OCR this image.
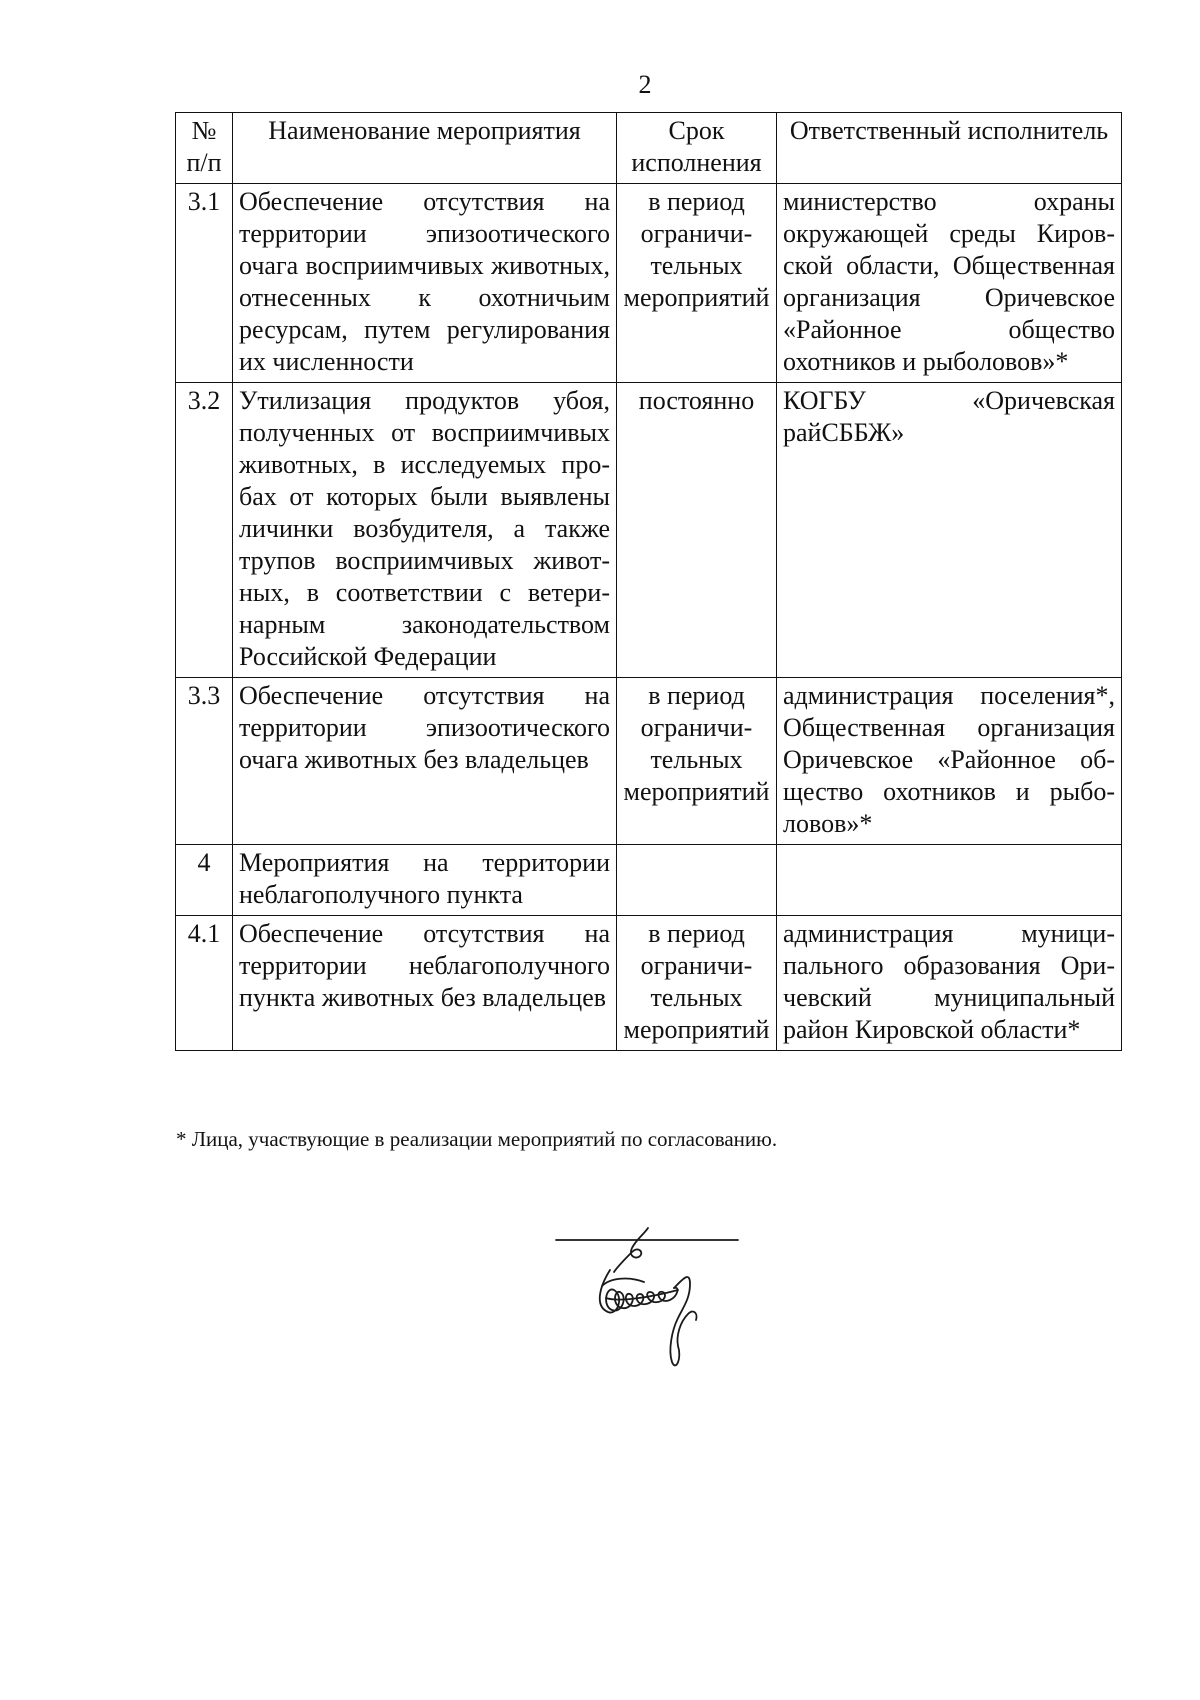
2
№ п/п	Наименование мероприятия	Срок исполнения	Ответственный исполнитель
3.1	Обеспечение отсутствия на территории эпизоотического очага восприимчивых животных, отнесенных к охотничьим ресурсам, путем регулирования их численности	в период ограничительных мероприятий	министерство охраны окружающей среды Кировской области, Общественная организация Оричевское «Районное общество охотников и рыболовов»*
3.2	Утилизация продуктов убоя, полученных от восприимчивых животных, в исследуемых пробах от которых были выявлены личинки возбудителя, а также трупов восприимчивых животных, в соответствии с ветеринарным законодательством Российской Федерации	постоянно	КОГБУ «Оричевская райСББЖ»
3.3	Обеспечение отсутствия на территории эпизоотического очага животных без владельцев	в период ограничительных мероприятий	администрация поселения*, Общественная организация Оричевское «Районное общество охотников и рыболовов»*
4	Мероприятия на территории неблагополучного пункта		
4.1	Обеспечение отсутствия на территории неблагополучного пункта животных без владельцев	в период ограничительных мероприятий	администрация муниципального образования Оричевский муниципальный район Кировской области*
* Лица, участвующие в реализации мероприятий по согласованию.
